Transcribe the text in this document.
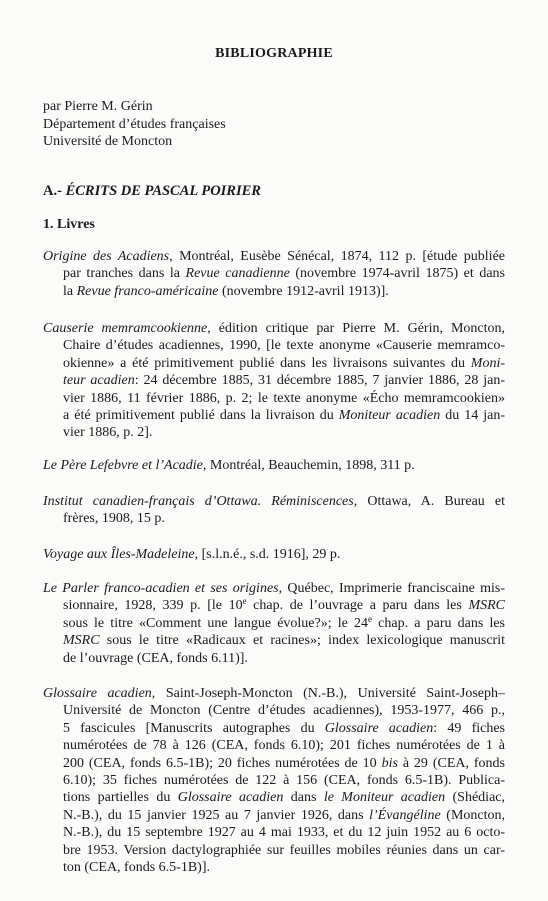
BIBLIOGRAPHIE
par Pierre M. Gérin
Département d’études françaises
Université de Moncton
A.- ÉCRITS DE PASCAL POIRIER
1. Livres
Origine des Acadiens, Montréal, Eusèbe Sénécal, 1874, 112 p. [étude publiée
par tranches dans la Revue canadienne (novembre 1974-avril 1875) et dans
la Revue franco-américaine (novembre 1912-avril 1913)].
Causerie memramcookienne, édition critique par Pierre M. Gérin, Moncton,
Chaire d’études acadiennes, 1990, [le texte anonyme «Causerie memramco-
okienne» a été primitivement publié dans les livraisons suivantes du Moni-
teur acadien: 24 décembre 1885, 31 décembre 1885, 7 janvier 1886, 28 jan-
vier 1886, 11 février 1886, p. 2; le texte anonyme «Écho memramcookien»
a été primitivement publié dans la livraison du Moniteur acadien du 14 jan-
vier 1886, p. 2].
Le Père Lefebvre et l’Acadie, Montréal, Beauchemin, 1898, 311 p.
Institut canadien-français d’Ottawa. Réminiscences, Ottawa, A. Bureau et
frères, 1908, 15 p.
Voyage aux Îles-Madeleine, [s.l.n.é., s.d. 1916], 29 p.
Le Parler franco-acadien et ses origines, Québec, Imprimerie franciscaine mis-
sionnaire, 1928, 339 p. [le 10e chap. de l’ouvrage a paru dans les MSRC
sous le titre «Comment une langue évolue?»; le 24e chap. a paru dans les
MSRC sous le titre «Radicaux et racines»; index lexicologique manuscrit
de l’ouvrage (CEA, fonds 6.11)].
Glossaire acadien, Saint-Joseph-Moncton (N.-B.), Université Saint-Joseph–
Université de Moncton (Centre d’études acadiennes), 1953-1977, 466 p.,
5 fascicules [Manuscrits autographes du Glossaire acadien: 49 fiches
numérotées de 78 à 126 (CEA, fonds 6.10); 201 fiches numérotées de 1 à
200 (CEA, fonds 6.5-1B); 20 fiches numérotées de 10 bis à 29 (CEA, fonds
6.10); 35 fiches numérotées de 122 à 156 (CEA, fonds 6.5-1B). Publica-
tions partielles du Glossaire acadien dans le Moniteur acadien (Shédiac,
N.-B.), du 15 janvier 1925 au 7 janvier 1926, dans l’Évangéline (Moncton,
N.-B.), du 15 septembre 1927 au 4 mai 1933, et du 12 juin 1952 au 6 octo-
bre 1953. Version dactylographiée sur feuilles mobiles réunies dans un car-
ton (CEA, fonds 6.5-1B)].
